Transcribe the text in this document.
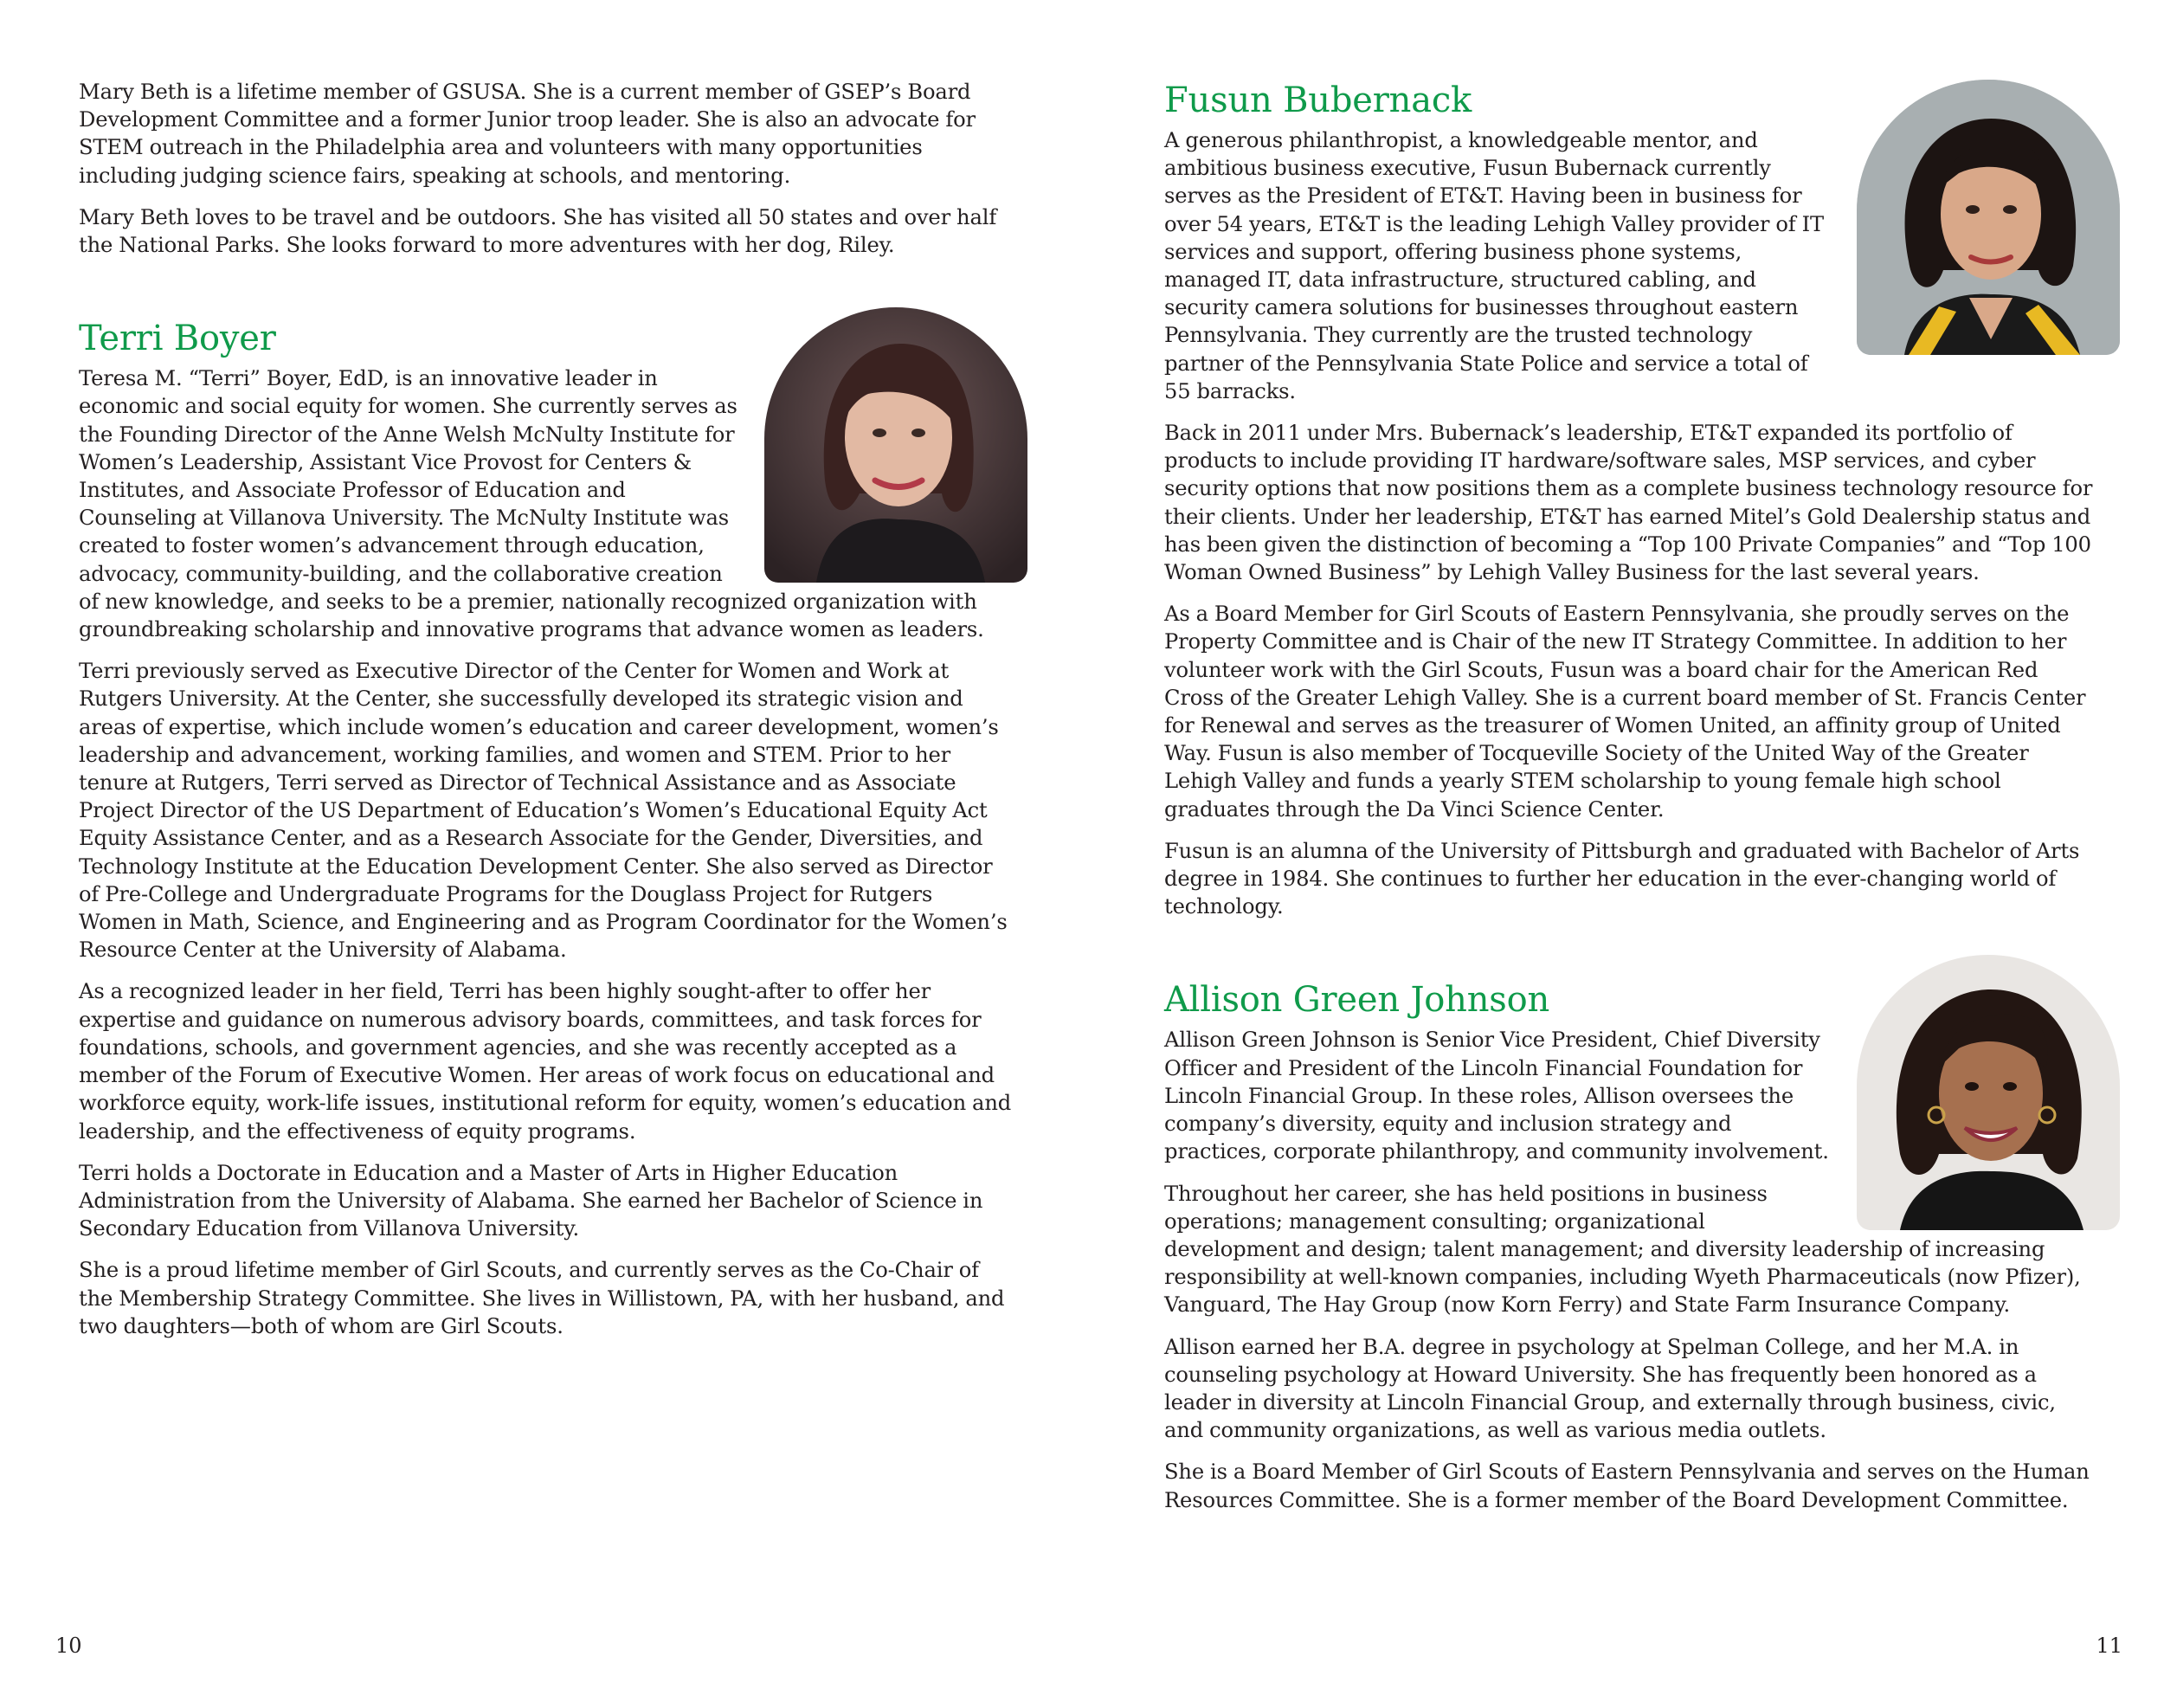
Mary Beth is a lifetime member of GSUSA. She is a current member of GSEP’s Board Development Committee and a former Junior troop leader. She is also an advocate for STEM outreach in the Philadelphia area and volunteers with many opportunities including judging science fairs, speaking at schools, and mentoring.

Mary Beth loves to be travel and be outdoors. She has visited all 50 states and over half the National Parks. She looks forward to more adventures with her dog, Riley.

Terri Boyer

Teresa M. “Terri” Boyer, EdD, is an innovative leader in economic and social equity for women. She currently serves as the Founding Director of the Anne Welsh McNulty Institute for Women’s Leadership, Assistant Vice Provost for Centers & Institutes, and Associate Professor of Education and Counseling at Villanova University. The McNulty Institute was created to foster women’s advancement through education, advocacy, community-building, and the collaborative creation of new knowledge, and seeks to be a premier, nationally recognized organization with groundbreaking scholarship and innovative programs that advance women as leaders.

Terri previously served as Executive Director of the Center for Women and Work at Rutgers University. At the Center, she successfully developed its strategic vision and areas of expertise, which include women’s education and career development, women’s leadership and advancement, working families, and women and STEM. Prior to her tenure at Rutgers, Terri served as Director of Technical Assistance and as Associate Project Director of the US Department of Education’s Women’s Educational Equity Act Equity Assistance Center, and as a Research Associate for the Gender, Diversities, and Technology Institute at the Education Development Center. She also served as Director of Pre-College and Undergraduate Programs for the Douglass Project for Rutgers Women in Math, Science, and Engineering and as Program Coordinator for the Women’s Resource Center at the University of Alabama.

As a recognized leader in her field, Terri has been highly sought-after to offer her expertise and guidance on numerous advisory boards, committees, and task forces for foundations, schools, and government agencies, and she was recently accepted as a member of the Forum of Executive Women. Her areas of work focus on educational and workforce equity, work-life issues, institutional reform for equity, women’s education and leadership, and the effectiveness of equity programs.

Terri holds a Doctorate in Education and a Master of Arts in Higher Education Administration from the University of Alabama. She earned her Bachelor of Science in Secondary Education from Villanova University.

She is a proud lifetime member of Girl Scouts, and currently serves as the Co-Chair of the Membership Strategy Committee. She lives in Willistown, PA, with her husband, and two daughters—both of whom are Girl Scouts.

Fusun Bubernack

A generous philanthropist, a knowledgeable mentor, and ambitious business executive, Fusun Bubernack currently serves as the President of ET&T. Having been in business for over 54 years, ET&T is the leading Lehigh Valley provider of IT services and support, offering business phone systems, managed IT, data infrastructure, structured cabling, and security camera solutions for businesses throughout eastern Pennsylvania. They currently are the trusted technology partner of the Pennsylvania State Police and service a total of 55 barracks.

Back in 2011 under Mrs. Bubernack’s leadership, ET&T expanded its portfolio of products to include providing IT hardware/software sales, MSP services, and cyber security options that now positions them as a complete business technology resource for their clients. Under her leadership, ET&T has earned Mitel’s Gold Dealership status and has been given the distinction of becoming a “Top 100 Private Companies” and “Top 100 Woman Owned Business” by Lehigh Valley Business for the last several years.

As a Board Member for Girl Scouts of Eastern Pennsylvania, she proudly serves on the Property Committee and is Chair of the new IT Strategy Committee. In addition to her volunteer work with the Girl Scouts, Fusun was a board chair for the American Red Cross of the Greater Lehigh Valley. She is a current board member of St. Francis Center for Renewal and serves as the treasurer of Women United, an affinity group of United Way. Fusun is also member of Tocqueville Society of the United Way of the Greater Lehigh Valley and funds a yearly STEM scholarship to young female high school graduates through the Da Vinci Science Center.

Fusun is an alumna of the University of Pittsburgh and graduated with Bachelor of Arts degree in 1984. She continues to further her education in the ever-changing world of technology.

Allison Green Johnson

Allison Green Johnson is Senior Vice President, Chief Diversity Officer and President of the Lincoln Financial Foundation for Lincoln Financial Group. In these roles, Allison oversees the company’s diversity, equity and inclusion strategy and practices, corporate philanthropy, and community involvement.

Throughout her career, she has held positions in business operations; management consulting; organizational development and design; talent management; and diversity leadership of increasing responsibility at well-known companies, including Wyeth Pharmaceuticals (now Pfizer), Vanguard, The Hay Group (now Korn Ferry) and State Farm Insurance Company.

Allison earned her B.A. degree in psychology at Spelman College, and her M.A. in counseling psychology at Howard University. She has frequently been honored as a leader in diversity at Lincoln Financial Group, and externally through business, civic, and community organizations, as well as various media outlets.

She is a Board Member of Girl Scouts of Eastern Pennsylvania and serves on the Human Resources Committee. She is a former member of the Board Development Committee.

10	11
